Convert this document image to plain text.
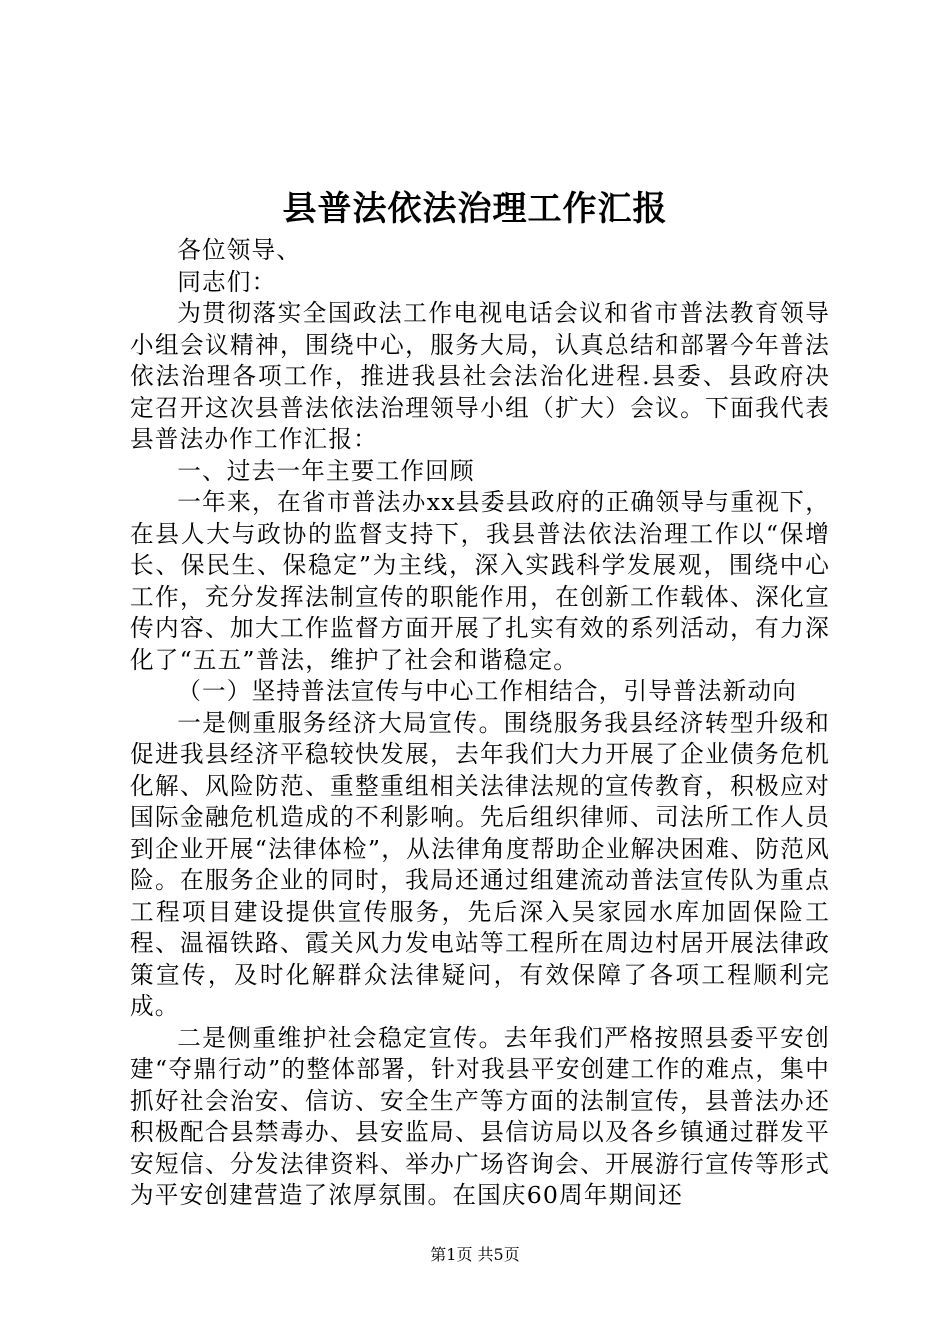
县普法依法治理工作汇报

各位领导、

同志们：

为贯彻落实全国政法工作电视电话会议和省市普法教育领导小组会议精神，围绕中心，服务大局，认真总结和部署今年普法依法治理各项工作，推进我县社会法治化进程.县委、县政府决定召开这次县普法依法治理领导小组（扩大）会议。下面我代表县普法办作工作汇报：

一、过去一年主要工作回顾

一年来，在省市普法办xx县委县政府的正确领导与重视下，在县人大与政协的监督支持下，我县普法依法治理工作以“保增长、保民生、保稳定”为主线，深入实践科学发展观，围绕中心工作，充分发挥法制宣传的职能作用，在创新工作载体、深化宣传内容、加大工作监督方面开展了扎实有效的系列活动，有力深化了“五五”普法，维护了社会和谐稳定。

（一）坚持普法宣传与中心工作相结合，引导普法新动向

一是侧重服务经济大局宣传。围绕服务我县经济转型升级和促进我县经济平稳较快发展，去年我们大力开展了企业债务危机化解、风险防范、重整重组相关法律法规的宣传教育，积极应对国际金融危机造成的不利影响。先后组织律师、司法所工作人员到企业开展“法律体检”，从法律角度帮助企业解决困难、防范风险。在服务企业的同时，我局还通过组建流动普法宣传队为重点工程项目建设提供宣传服务，先后深入吴家园水库加固保险工程、温福铁路、霞关风力发电站等工程所在周边村居开展法律政策宣传，及时化解群众法律疑问，有效保障了各项工程顺利完成。

二是侧重维护社会稳定宣传。去年我们严格按照县委平安创建“夺鼎行动”的整体部署，针对我县平安创建工作的难点，集中抓好社会治安、信访、安全生产等方面的法制宣传，县普法办还积极配合县禁毒办、县安监局、县信访局以及各乡镇通过群发平安短信、分发法律资料、举办广场咨询会、开展游行宣传等形式为平安创建营造了浓厚氛围。在国庆60周年期间还

第1页 共5页
